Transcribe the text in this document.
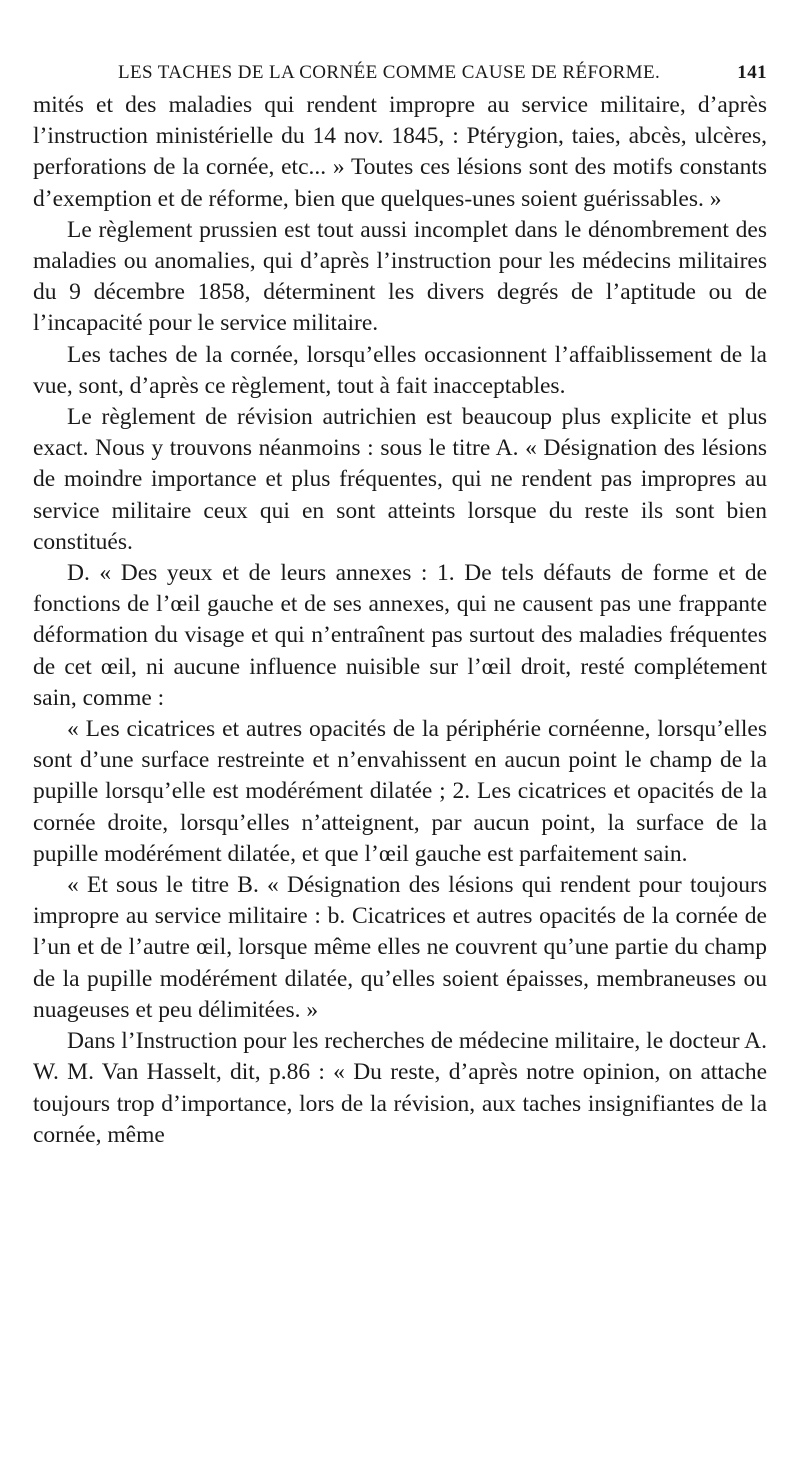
LES TACHES DE LA CORNÉE COMME CAUSE DE RÉFORME.	141

mités et des maladies qui rendent impropre au service militaire, d’après l’instruction ministérielle du 14 nov. 1845, : Ptérygion, taies, abcès, ulcères, perforations de la cornée, etc... » Toutes ces lésions sont des motifs constants d’exemption et de réforme, bien que quelques-unes soient guérissables. »

Le règlement prussien est tout aussi incomplet dans le dénombrement des maladies ou anomalies, qui d’après l’instruction pour les médecins militaires du 9 décembre 1858, déterminent les divers degrés de l’aptitude ou de l’incapacité pour le service militaire.

Les taches de la cornée, lorsqu’elles occasionnent l’affaiblissement de la vue, sont, d’après ce règlement, tout à fait inacceptables.

Le règlement de révision autrichien est beaucoup plus explicite et plus exact. Nous y trouvons néanmoins : sous le titre A. « Désignation des lésions de moindre importance et plus fréquentes, qui ne rendent pas impropres au service militaire ceux qui en sont atteints lorsque du reste ils sont bien constitués.

D. « Des yeux et de leurs annexes : 1. De tels défauts de forme et de fonctions de l’œil gauche et de ses annexes, qui ne causent pas une frappante déformation du visage et qui n’entraînent pas surtout des maladies fréquentes de cet œil, ni aucune influence nuisible sur l’œil droit, resté complétement sain, comme :

« Les cicatrices et autres opacités de la périphérie cornéenne, lorsqu’elles sont d’une surface restreinte et n’envahissent en aucun point le champ de la pupille lorsqu’elle est modérément dilatée ; 2. Les cicatrices et opacités de la cornée droite, lorsqu’elles n’atteignent, par aucun point, la surface de la pupille modérément dilatée, et que l’œil gauche est parfaitement sain.

« Et sous le titre B. « Désignation des lésions qui rendent pour toujours impropre au service militaire : b. Cicatrices et autres opacités de la cornée de l’un et de l’autre œil, lorsque même elles ne couvrent qu’une partie du champ de la pupille modérément dilatée, qu’elles soient épaisses, membraneuses ou nuageuses et peu délimitées. »

Dans l’Instruction pour les recherches de médecine militaire, le docteur A. W. M. Van Hasselt, dit, p.86 : « Du reste, d’après notre opinion, on attache toujours trop d’importance, lors de la révision, aux taches insignifiantes de la cornée, même
